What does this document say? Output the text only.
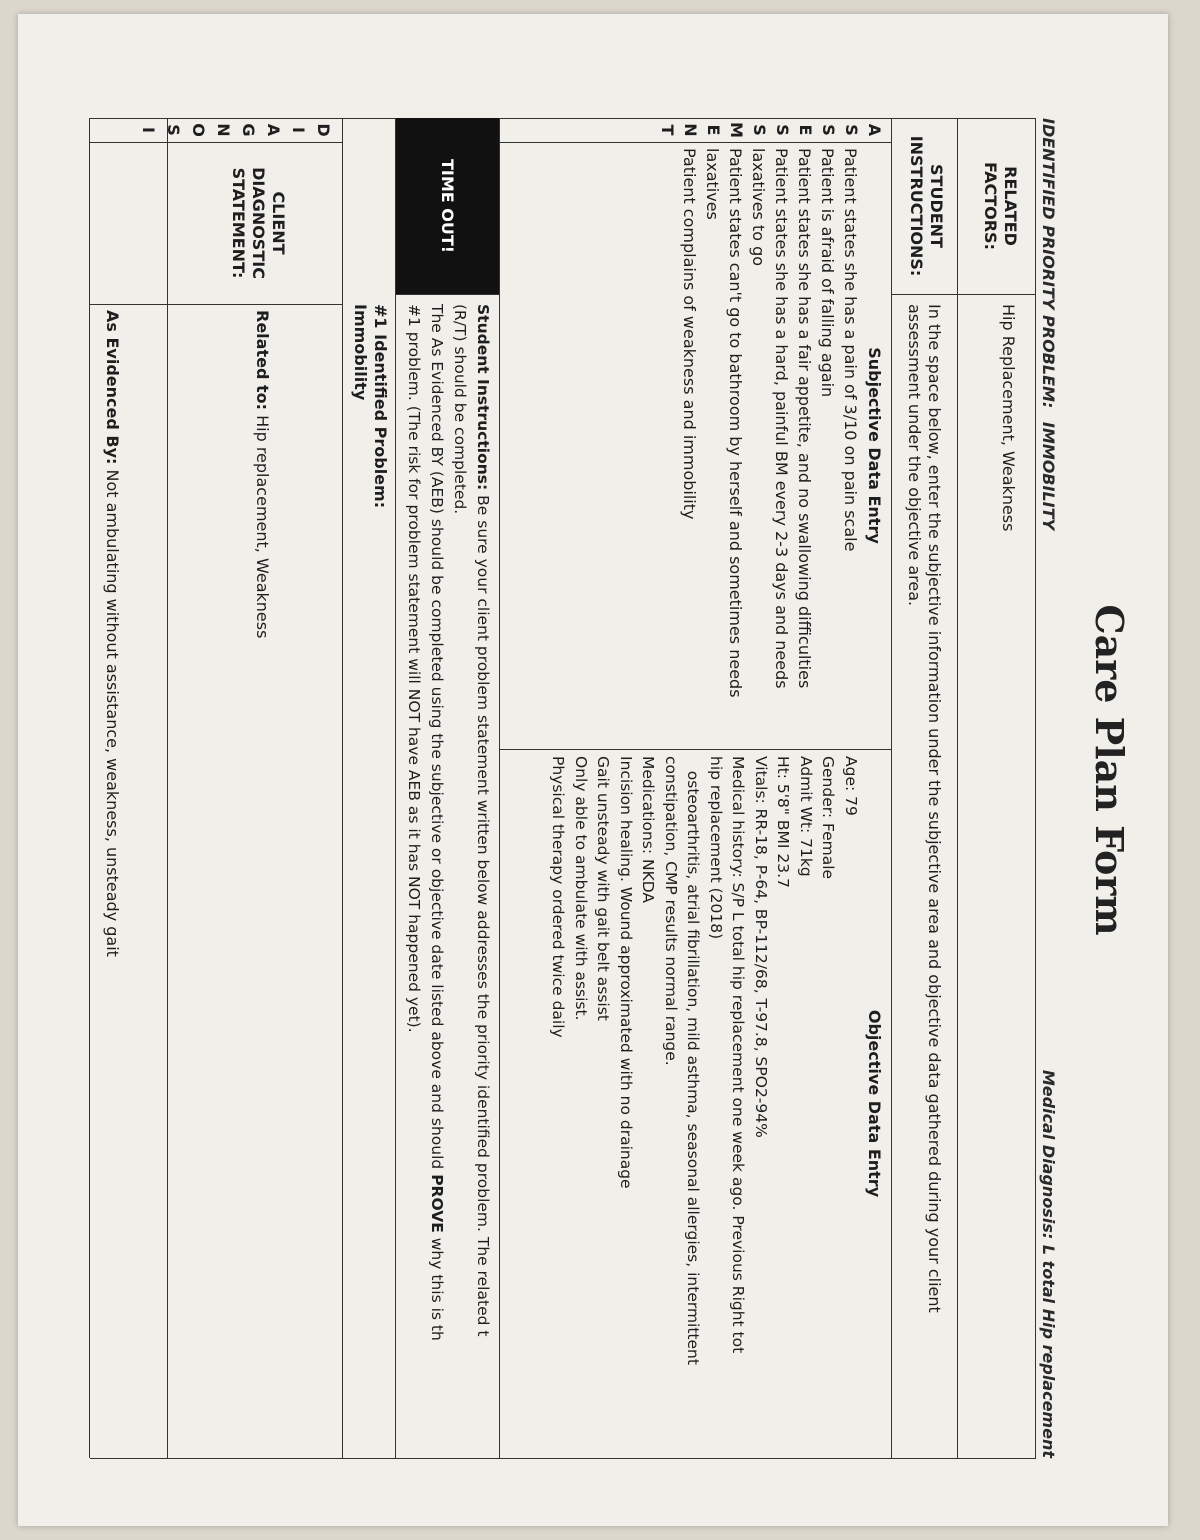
Care Plan Form
IDENTIFIED PRIORITY PROBLEM: IMMOBILITY
Medical Diagnosis: L total Hip replacement
RELATED
FACTORS:
Hip Replacement, Weakness
STUDENT
INSTRUCTIONS:
In the space below, enter the subjective information under the subjective area and objective data gathered during your client
assessment under the objective area.
A
S
S
E
S
S
M
E
N
T
Subjective Data Entry
Patient states she has a pain of 3/10 on pain scale
Patient is afraid of falling again
Patient states she has a fair appetite, and no swallowing difficulties
Patient states she has a hard, painful BM every 2-3 days and needs
laxatives to go
Patient states can't go to bathroom by herself and sometimes needs
laxatives
Patient complains of weakness and immobility
Objective Data Entry
Age: 79
Gender: Female
Admit Wt: 71kg
Ht: 5'8" BMI 23.7
Vitals: RR-18, P-64, BP-112/68, T-97.8, SPO2-94%
Medical history: S/P L total hip replacement one week ago. Previous Right tot
hip replacement (2018)
osteoarthritis, atrial fibrillation, mild asthma, seasonal allergies, intermittent
constipation, CMP results normal range.
Medications: NKDA
Incision healing. Wound approximated with no drainage
Gait unsteady with gait belt assist
Only able to ambulate with assist.
Physical therapy ordered twice daily
TIME OUT!
Student Instructions: Be sure your client problem statement written below addresses the priority identified problem. The related t
(R/T) should be completed.
The As Evidenced BY (AEB) should be completed using the subjective or objective date listed above and should PROVE why this is th
#1 problem. (The risk for problem statement will NOT have AEB as it has NOT happened yet).
#1 Identified Problem:
Immobility
D
I
A
G
N
O
S
I
CLIENT
DIAGNOSTIC
STATEMENT:
Related to: Hip replacement, Weakness
As Evidenced By: Not ambulating without assistance, weakness, unsteady gait
